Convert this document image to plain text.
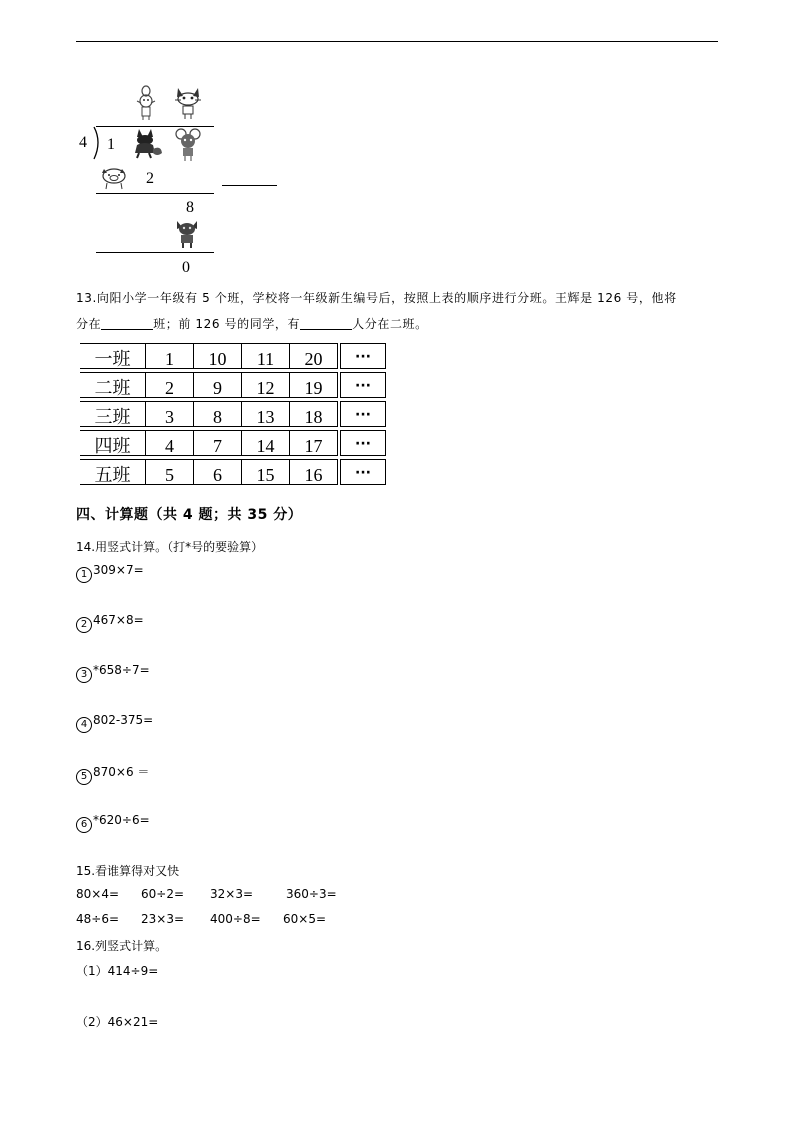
4 1
2
8
0
13.向阳小学一年级有 5 个班，学校将一年级新生编号后，按照上表的顺序进行分班。王辉是 126 号，他将
分在	班；前 126 号的同学，有	人分在二班。
一班	1	10	11	20	···
二班	2	9	12	19	···
三班	3	8	13	18	···
四班	4	7	14	17	···
五班	5	6	15	16	···
四、计算题（共 4 题；共 35 分）
14.用竖式计算。（打*号的要验算）
1 309×7=
2 467×8=
3 *658÷7=
4 802-375=
5 870×6 ＝
6 *620÷6=
15.看谁算得对又快
80×4= 60÷2= 32×3=	360÷3=
48÷6= 23×3= 400÷8= 60×5=
16.列竖式计算。
（1）414÷9=
（2）46×21=
